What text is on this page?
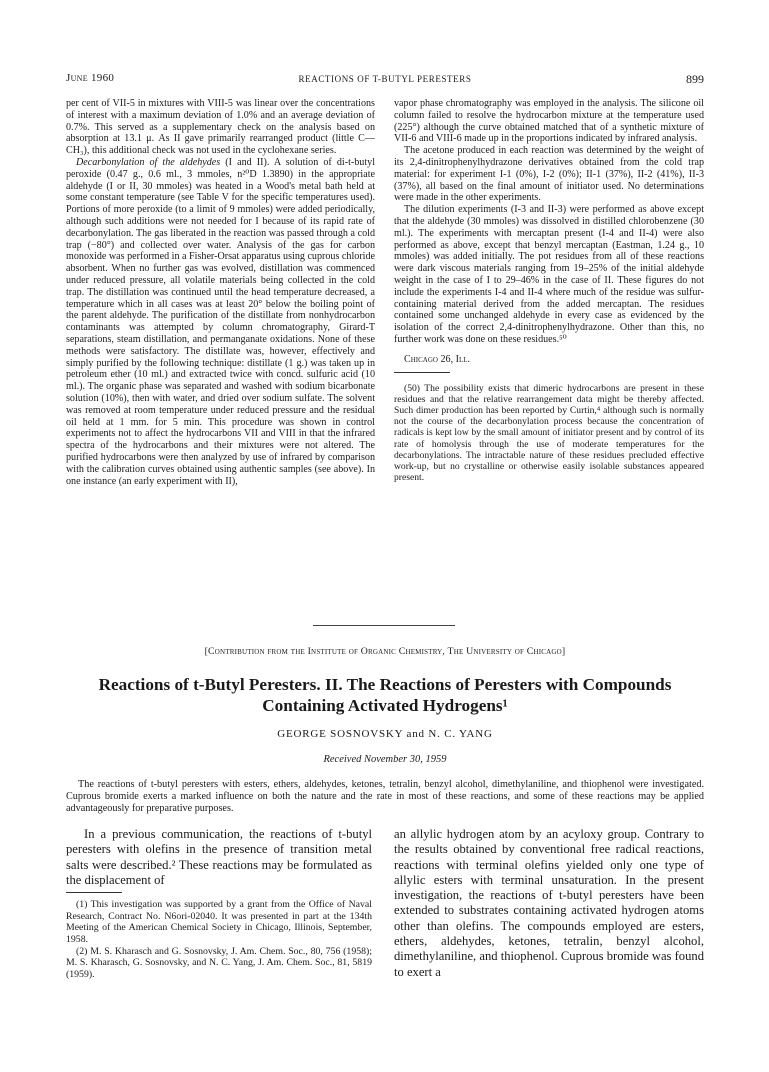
June 1960	REACTIONS OF T-BUTYL PERESTERS	899

per cent of VII-5 in mixtures with VIII-5 was linear over the concentrations of interest with a maximum deviation of 1.0% and an average deviation of 0.7%. This served as a supplementary check on the analysis based on absorption at 13.1 μ. As II gave primarily rearranged product (little C—CH₃), this additional check was not used in the cyclohexane series.

Decarbonylation of the aldehydes (I and II). A solution of di-t-butyl peroxide (0.47 g., 0.6 ml., 3 mmoles, n²⁰D 1.3890) in the appropriate aldehyde (I or II, 30 mmoles) was heated in a Wood's metal bath held at some constant temperature (see Table V for the specific temperatures used). Portions of more peroxide (to a limit of 9 mmoles) were added periodically, although such additions were not needed for I because of its rapid rate of decarbonylation. The gas liberated in the reaction was passed through a cold trap (−80°) and collected over water. Analysis of the gas for carbon monoxide was performed in a Fisher-Orsat apparatus using cuprous chloride absorbent. When no further gas was evolved, distillation was commenced under reduced pressure, all volatile materials being collected in the cold trap. The distillation was continued until the head temperature decreased, a temperature which in all cases was at least 20° below the boiling point of the parent aldehyde. The purification of the distillate from nonhydrocarbon contaminants was attempted by column chromatography, Girard-T separations, steam distillation, and permanganate oxidations. None of these methods were satisfactory. The distillate was, however, effectively and simply purified by the following technique: distillate (1 g.) was taken up in petroleum ether (10 ml.) and extracted twice with concd. sulfuric acid (10 ml.). The organic phase was separated and washed with sodium bicarbonate solution (10%), then with water, and dried over sodium sulfate. The solvent was removed at room temperature under reduced pressure and the residual oil held at 1 mm. for 5 min. This procedure was shown in control experiments not to affect the hydrocarbons VII and VIII in that the infrared spectra of the hydrocarbons and their mixtures were not altered. The purified hydrocarbons were then analyzed by use of infrared by comparison with the calibration curves obtained using authentic samples (see above). In one instance (an early experiment with II),

vapor phase chromatography was employed in the analysis. The silicone oil column failed to resolve the hydrocarbon mixture at the temperature used (225°) although the curve obtained matched that of a synthetic mixture of VII-6 and VIII-6 made up in the proportions indicated by infrared analysis.

The acetone produced in each reaction was determined by the weight of its 2,4-dinitrophenylhydrazone derivatives obtained from the cold trap material: for experiment I-1 (0%), I-2 (0%); II-1 (37%), II-2 (41%), II-3 (37%), all based on the final amount of initiator used. No determinations were made in the other experiments.

The dilution experiments (I-3 and II-3) were performed as above except that the aldehyde (30 mmoles) was dissolved in distilled chlorobenzene (30 ml.). The experiments with mercaptan present (I-4 and II-4) were also performed as above, except that benzyl mercaptan (Eastman, 1.24 g., 10 mmoles) was added initially. The pot residues from all of these reactions were dark viscous materials ranging from 19–25% of the initial aldehyde weight in the case of I to 29–46% in the case of II. These figures do not include the experiments I-4 and II-4 where much of the residue was sulfur-containing material derived from the added mercaptan. The residues contained some unchanged aldehyde in every case as evidenced by the isolation of the correct 2,4-dinitrophenylhydrazone. Other than this, no further work was done on these residues.⁵⁰

Chicago 26, Ill.

(50) The possibility exists that dimeric hydrocarbons are present in these residues and that the relative rearrangement data might be thereby affected. Such dimer production has been reported by Curtin,⁴ although such is normally not the course of the decarbonylation process because the concentration of radicals is kept low by the small amount of initiator present and by control of its rate of homolysis through the use of moderate temperatures for the decarbonylations. The intractable nature of these residues precluded effective work-up, but no crystalline or otherwise easily isolable substances appeared present.

[Contribution from the Institute of Organic Chemistry, The University of Chicago]
Reactions of t-Butyl Peresters. II. The Reactions of Peresters with Compounds
Containing Activated Hydrogens¹
GEORGE SOSNOVSKY and N. C. YANG
Received November 30, 1959

The reactions of t-butyl peresters with esters, ethers, aldehydes, ketones, tetralin, benzyl alcohol, dimethylaniline, and thiophenol were investigated. Cuprous bromide exerts a marked influence on both the nature and the rate in most of these reactions, and some of these reactions may be applied advantageously for preparative purposes.

In a previous communication, the reactions of t-butyl peresters with olefins in the presence of transition metal salts were described.² These reactions may be formulated as the displacement of

(1) This investigation was supported by a grant from the Office of Naval Research, Contract No. N6ori-02040. It was presented in part at the 134th Meeting of the American Chemical Society in Chicago, Illinois, September, 1958.

(2) M. S. Kharasch and G. Sosnovsky, J. Am. Chem. Soc., 80, 756 (1958); M. S. Kharasch, G. Sosnovsky, and N. C. Yang, J. Am. Chem. Soc., 81, 5819 (1959).

an allylic hydrogen atom by an acyloxy group. Contrary to the results obtained by conventional free radical reactions, reactions with terminal olefins yielded only one type of allylic esters with terminal unsaturation. In the present investigation, the reactions of t-butyl peresters have been extended to substrates containing activated hydrogen atoms other than olefins. The compounds employed are esters, ethers, aldehydes, ketones, tetralin, benzyl alcohol, dimethylaniline, and thiophenol. Cuprous bromide was found to exert a
